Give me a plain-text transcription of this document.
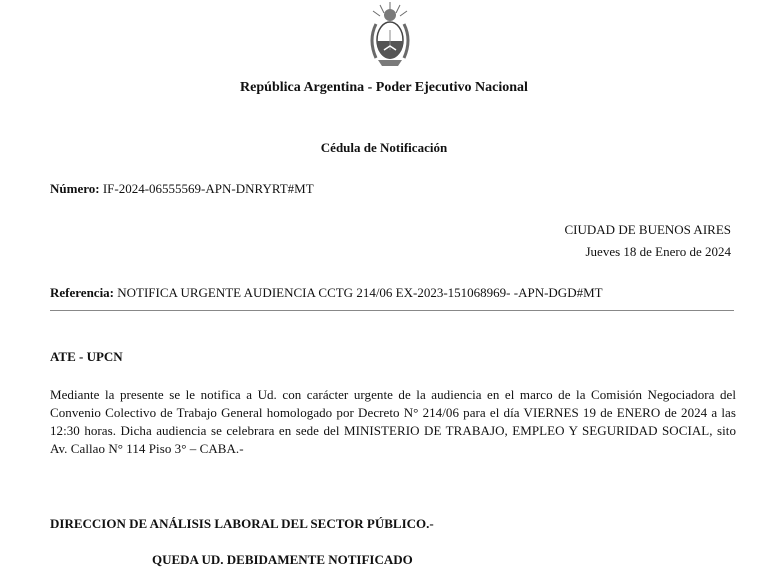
República Argentina - Poder Ejecutivo Nacional
Cédula de Notificación
Número: IF-2024-06555569-APN-DNRYRT#MT
CIUDAD DE BUENOS AIRES
Jueves 18 de Enero de 2024
Referencia: NOTIFICA URGENTE AUDIENCIA CCTG 214/06 EX-2023-151068969- -APN-DGD#MT
ATE - UPCN
Mediante la presente se le notifica a Ud. con carácter urgente de la audiencia en el marco de la Comisión Negociadora del Convenio Colectivo de Trabajo General homologado por Decreto N° 214/06 para el día VIERNES 19 de ENERO de 2024 a las 12:30 horas. Dicha audiencia se celebrara en sede del MINISTERIO DE TRABAJO, EMPLEO Y SEGURIDAD SOCIAL, sito Av. Callao N° 114 Piso 3° – CABA.-
DIRECCION DE ANÁLISIS LABORAL DEL SECTOR PÚBLICO.-
QUEDA UD. DEBIDAMENTE NOTIFICADO
